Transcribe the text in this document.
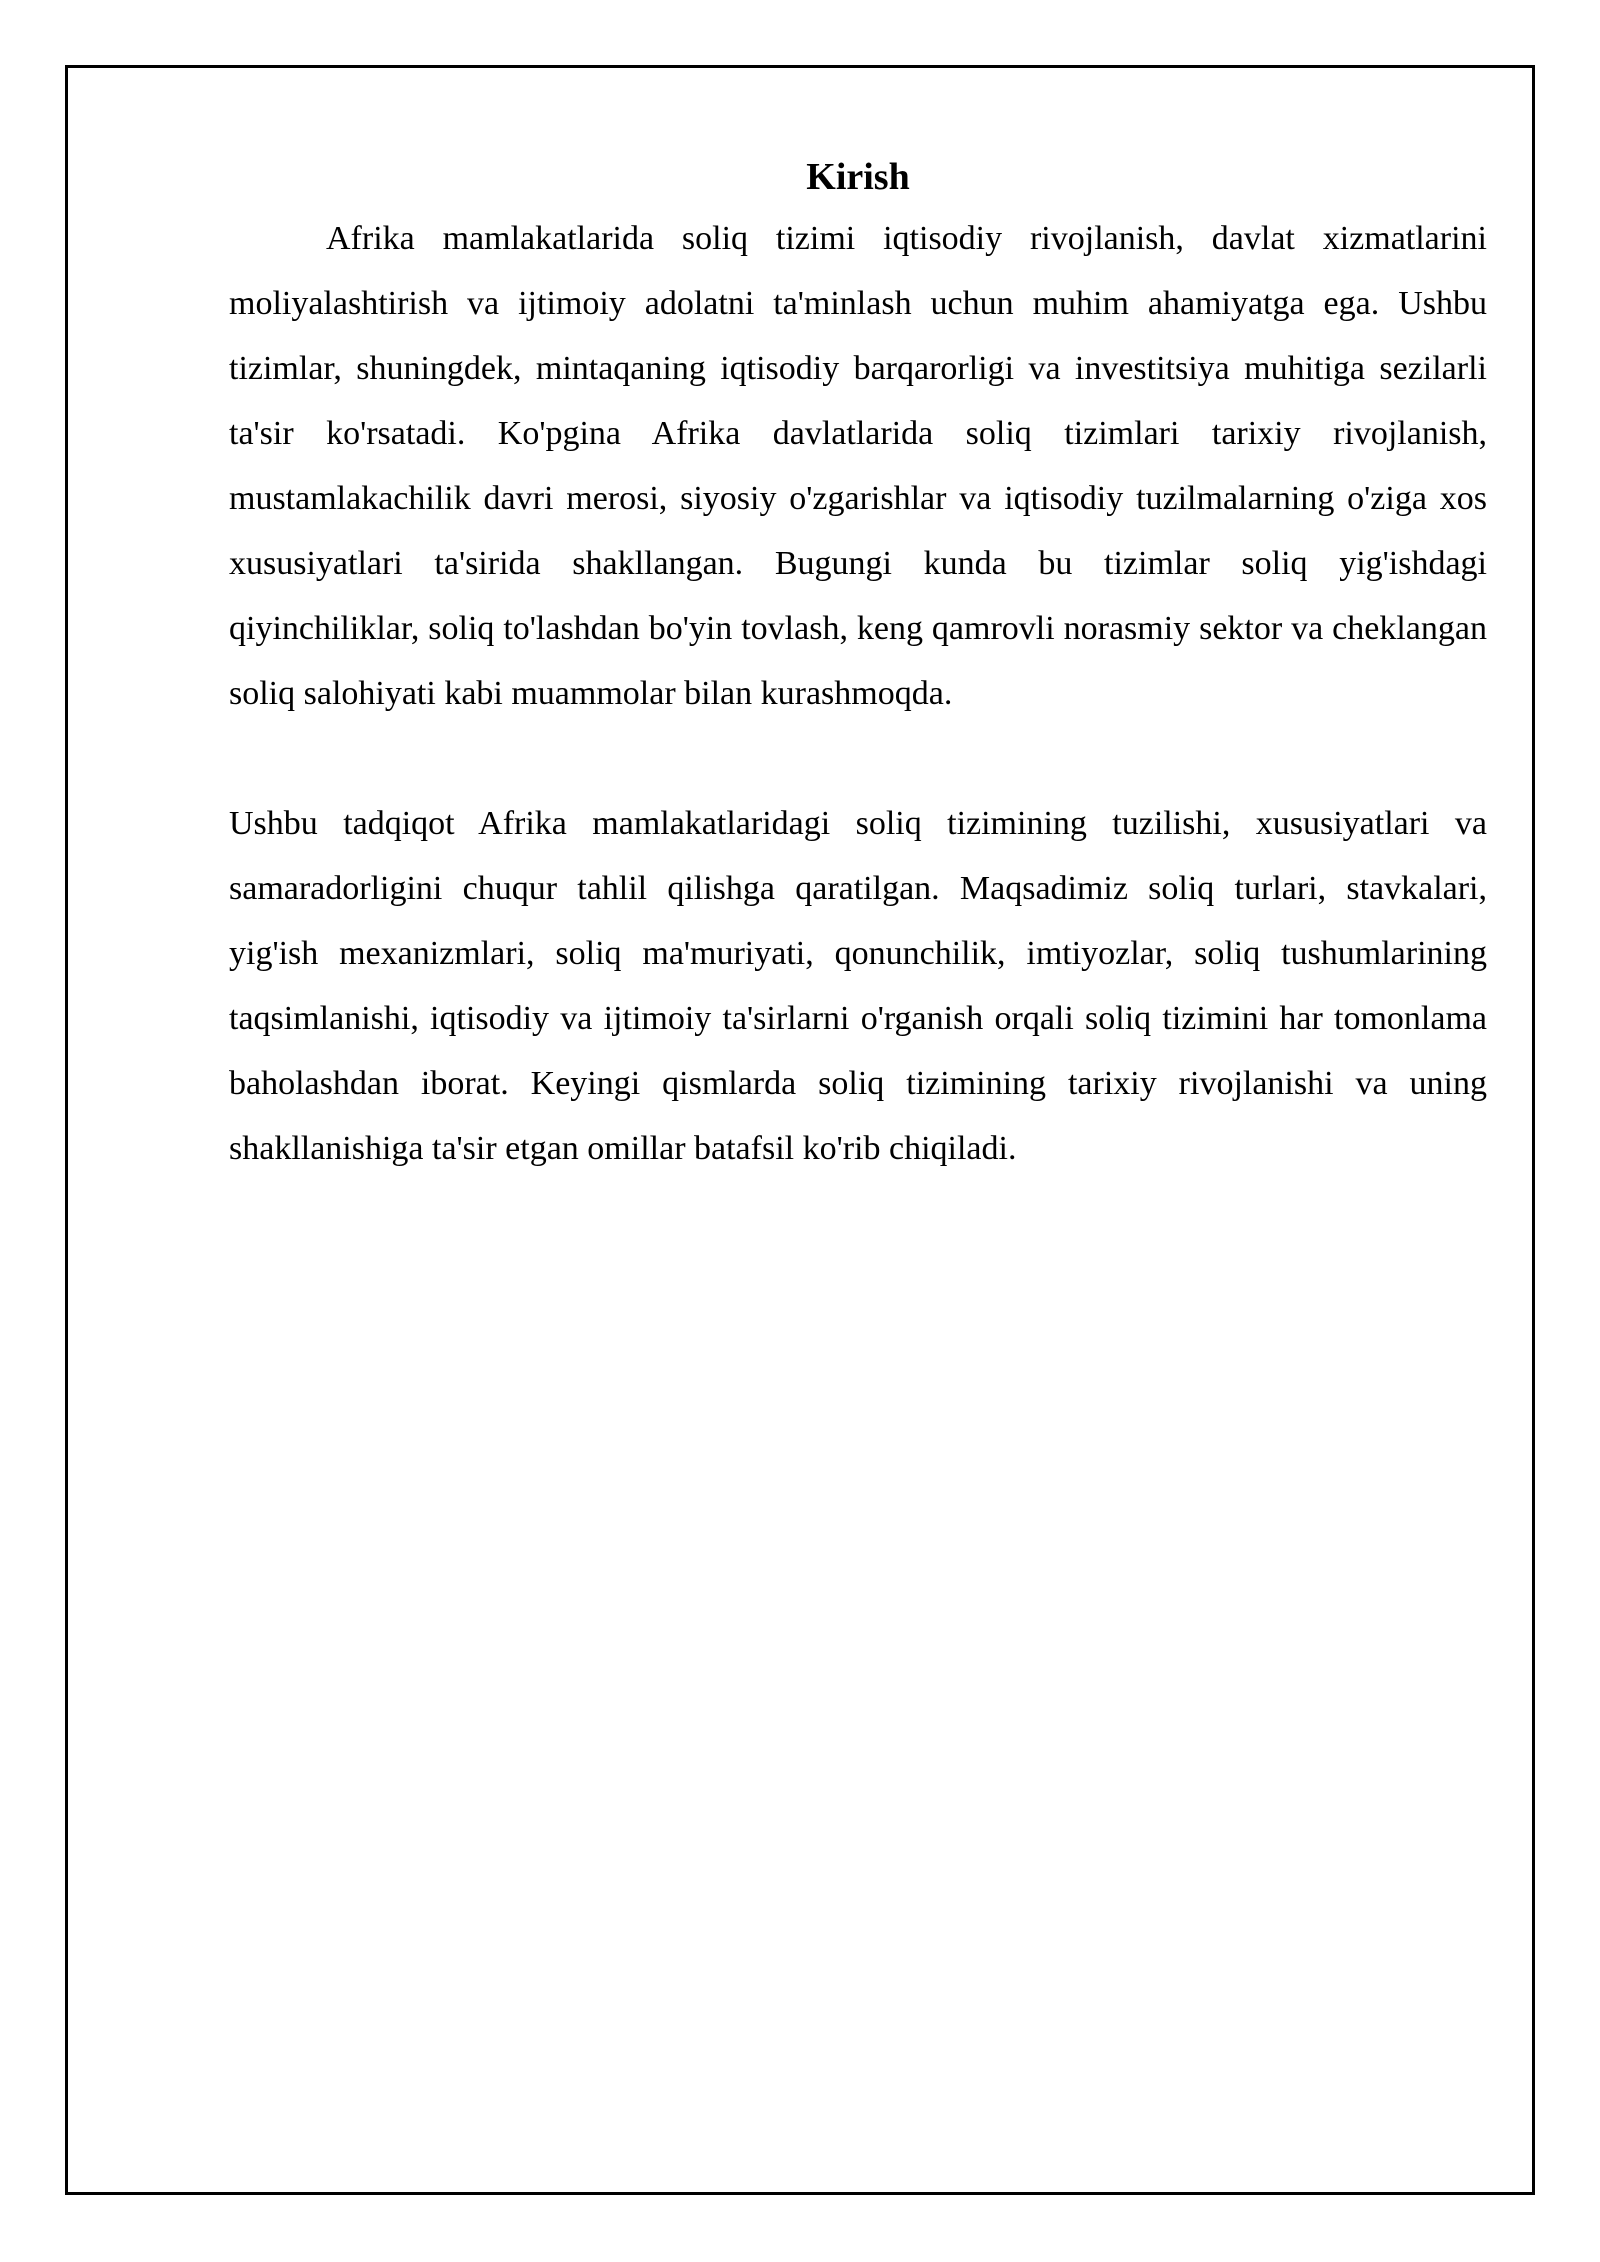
Kirish

Afrika mamlakatlarida soliq tizimi iqtisodiy rivojlanish, davlat xizmatlarini moliyalashtirish va ijtimoiy adolatni ta'minlash uchun muhim ahamiyatga ega. Ushbu tizimlar, shuningdek, mintaqaning iqtisodiy barqarorligi va investitsiya muhitiga sezilarli ta'sir ko'rsatadi. Ko'pgina Afrika davlatlarida soliq tizimlari tarixiy rivojlanish, mustamlakachilik davri merosi, siyosiy o'zgarishlar va iqtisodiy tuzilmalarning o'ziga xos xususiyatlari ta'sirida shakllangan. Bugungi kunda bu tizimlar soliq yig'ishdagi qiyinchiliklar, soliq to'lashdan bo'yin tovlash, keng qamrovli norasmiy sektor va cheklangan soliq salohiyati kabi muammolar bilan kurashmoqda.

Ushbu tadqiqot Afrika mamlakatlaridagi soliq tizimining tuzilishi, xususiyatlari va samaradorligini chuqur tahlil qilishga qaratilgan. Maqsadimiz soliq turlari, stavkalari, yig'ish mexanizmlari, soliq ma'muriyati, qonunchilik, imtiyozlar, soliq tushumlarining taqsimlanishi, iqtisodiy va ijtimoiy ta'sirlarni o'rganish orqali soliq tizimini har tomonlama baholashdan iborat. Keyingi qismlarda soliq tizimining tarixiy rivojlanishi va uning shakllanishiga ta'sir etgan omillar batafsil ko'rib chiqiladi.
